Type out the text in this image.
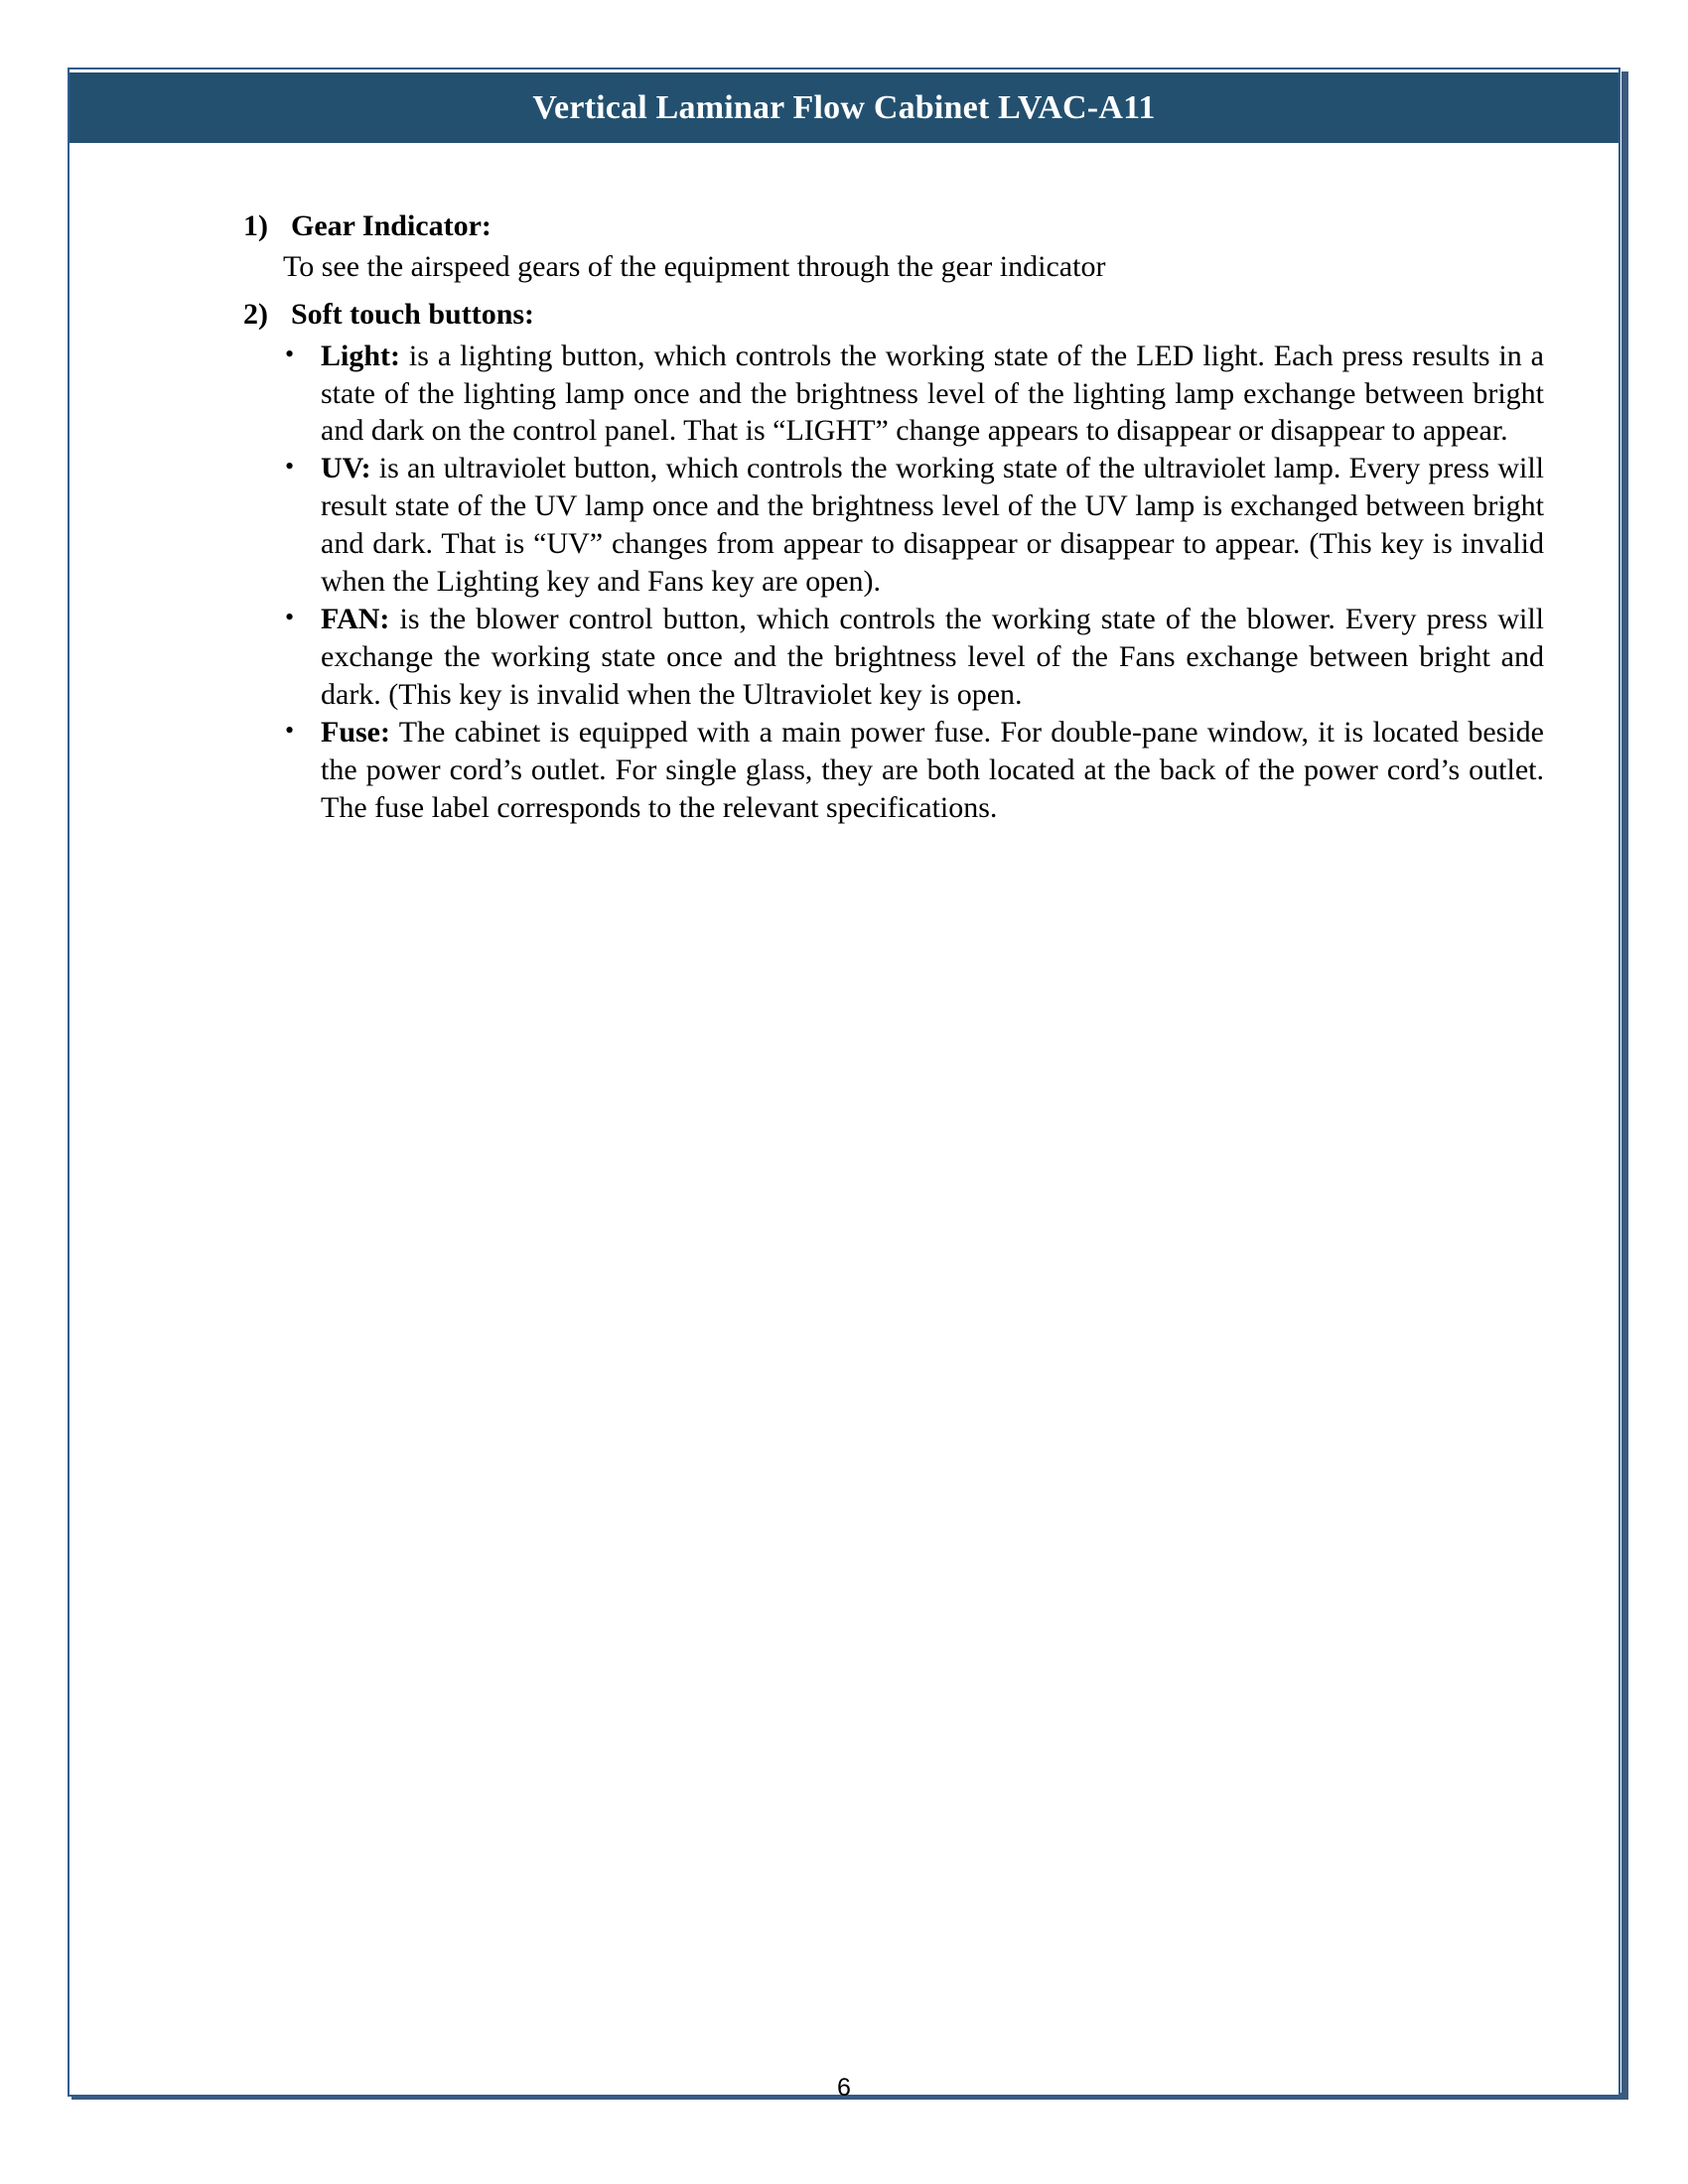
Vertical Laminar Flow Cabinet LVAC-A11
1) Gear Indicator:
To see the airspeed gears of the equipment through the gear indicator
2) Soft touch buttons:
• Light: is a lighting button, which controls the working state of the LED light. Each press results in a state of the lighting lamp once and the brightness level of the lighting lamp exchange between bright and dark on the control panel. That is “LIGHT” change appears to disappear or disappear to appear.
• UV: is an ultraviolet button, which controls the working state of the ultraviolet lamp. Every press will result state of the UV lamp once and the brightness level of the UV lamp is exchanged between bright and dark. That is “UV” changes from appear to disappear or disappear to appear. (This key is invalid when the Lighting key and Fans key are open).
• FAN: is the blower control button, which controls the working state of the blower. Every press will exchange the working state once and the brightness level of the Fans exchange between bright and dark. (This key is invalid when the Ultraviolet key is open.
• Fuse: The cabinet is equipped with a main power fuse. For double-pane window, it is located beside the power cord’s outlet. For single glass, they are both located at the back of the power cord’s outlet. The fuse label corresponds to the relevant specifications.
6
